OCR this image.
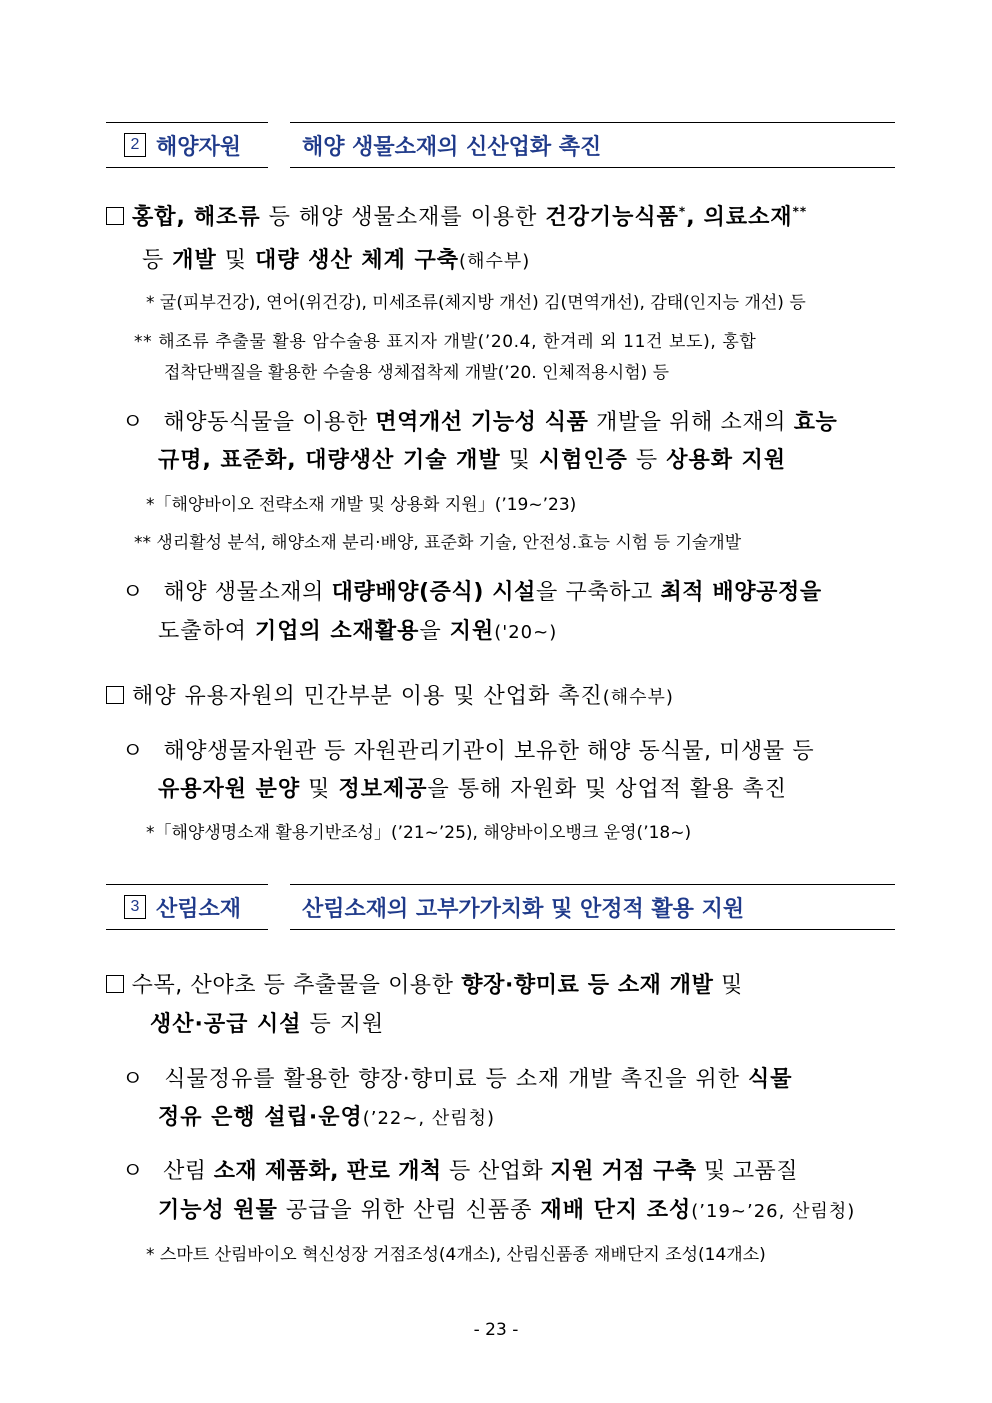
2 해양자원	해양 생물소재의 신산업화 촉진
홍합, 해조류 등 해양 생물소재를 이용한 건강기능식품*, 의료소재**
등 개발 및 대량 생산 체계 구축(해수부)
* 굴(피부건강), 연어(위건강), 미세조류(체지방 개선) 김(면역개선), 감태(인지능 개선) 등
** 해조류 추출물 활용 암수술용 표지자 개발(’20.4, 한겨레 외 11건 보도), 홍합
접착단백질을 활용한 수술용 생체접착제 개발(’20. 인체적용시험) 등
ㅇ 해양동식물을 이용한 면역개선 기능성 식품 개발을 위해 소재의 효능
규명, 표준화, 대량생산 기술 개발 및 시험인증 등 상용화 지원
*「해양바이오 전략소재 개발 및 상용화 지원」(’19~’23)
** 생리활성 분석, 해양소재 분리·배양, 표준화 기술, 안전성.효능 시험 등 기술개발
ㅇ 해양 생물소재의 대량배양(증식) 시설을 구축하고 최적 배양공정을
도출하여 기업의 소재활용을 지원('20~)
해양 유용자원의 민간부분 이용 및 산업화 촉진(해수부)
ㅇ 해양생물자원관 등 자원관리기관이 보유한 해양 동식물, 미생물 등
유용자원 분양 및 정보제공을 통해 자원화 및 상업적 활용 촉진
*「해양생명소재 활용기반조성」(’21~’25), 해양바이오뱅크 운영(’18~)
3 산림소재	산림소재의 고부가가치화 및 안정적 활용 지원
수목, 산야초 등 추출물을 이용한 향장·향미료 등 소재 개발 및
생산·공급 시설 등 지원
ㅇ 식물정유를 활용한 향장·향미료 등 소재 개발 촉진을 위한 식물
정유 은행 설립·운영(’22~, 산림청)
ㅇ 산림 소재 제품화, 판로 개척 등 산업화 지원 거점 구축 및 고품질
기능성 원물 공급을 위한 산림 신품종 재배 단지 조성(’19~’26, 산림청)
* 스마트 산림바이오 혁신성장 거점조성(4개소), 산림신품종 재배단지 조성(14개소)
- 23 -
